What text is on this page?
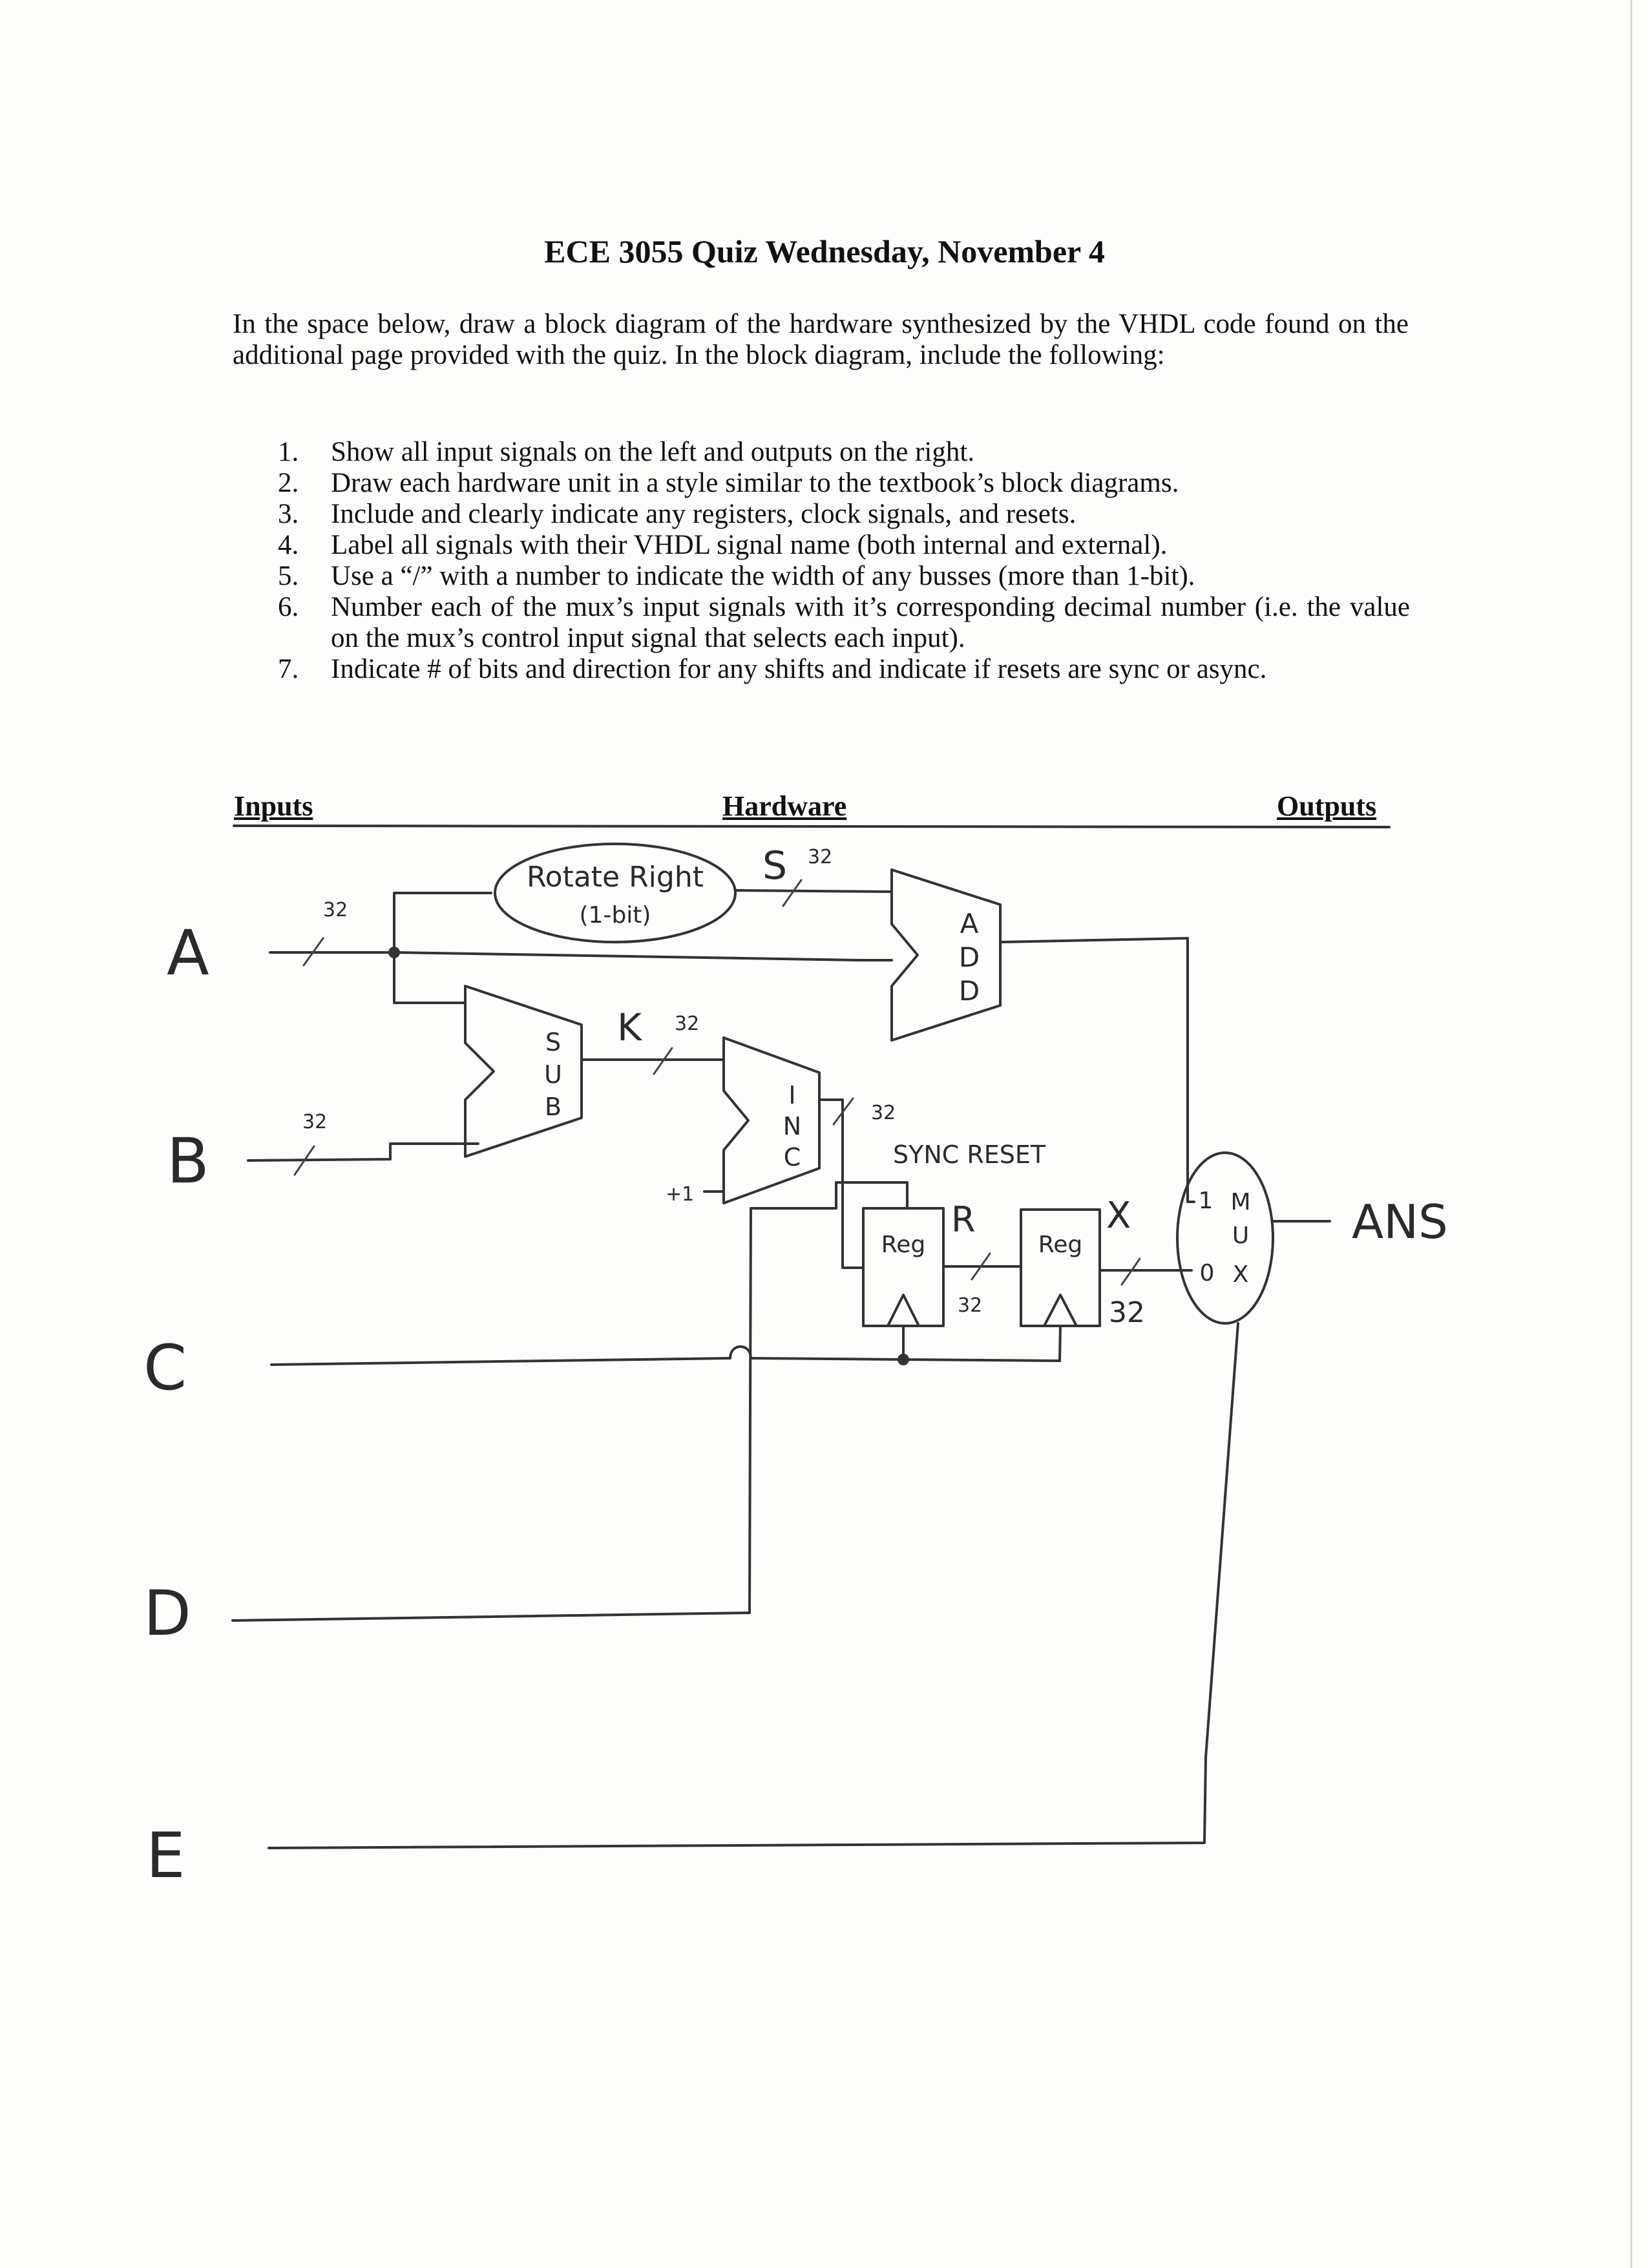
ECE 3055 Quiz Wednesday, November 4
In the space below, draw a block diagram of the hardware synthesized by the VHDL code found on the additional page provided with the quiz. In the block diagram, include the following:
1.	Show all input signals on the left and outputs on the right.
2.	Draw each hardware unit in a style similar to the textbook’s block diagrams.
3.	Include and clearly indicate any registers, clock signals, and resets.
4.	Label all signals with their VHDL signal name (both internal and external).
5.	Use a “/” with a number to indicate the width of any busses (more than 1-bit).
6.	Number each of the mux’s input signals with it’s corresponding decimal number (i.e. the value on the mux’s control input signal that selects each input).
7.	Indicate # of bits and direction for any shifts and indicate if resets are sync or async.
Inputs	Hardware	Outputs
A
B
C
D
E
32
Rotate Right
(1-bit)
S 32
A
D
D
32
S
U
B
K 32
I
N
C
+1
32
SYNC RESET
Reg
R
32
Reg
X
32
1 M
U
0 X
ANS
